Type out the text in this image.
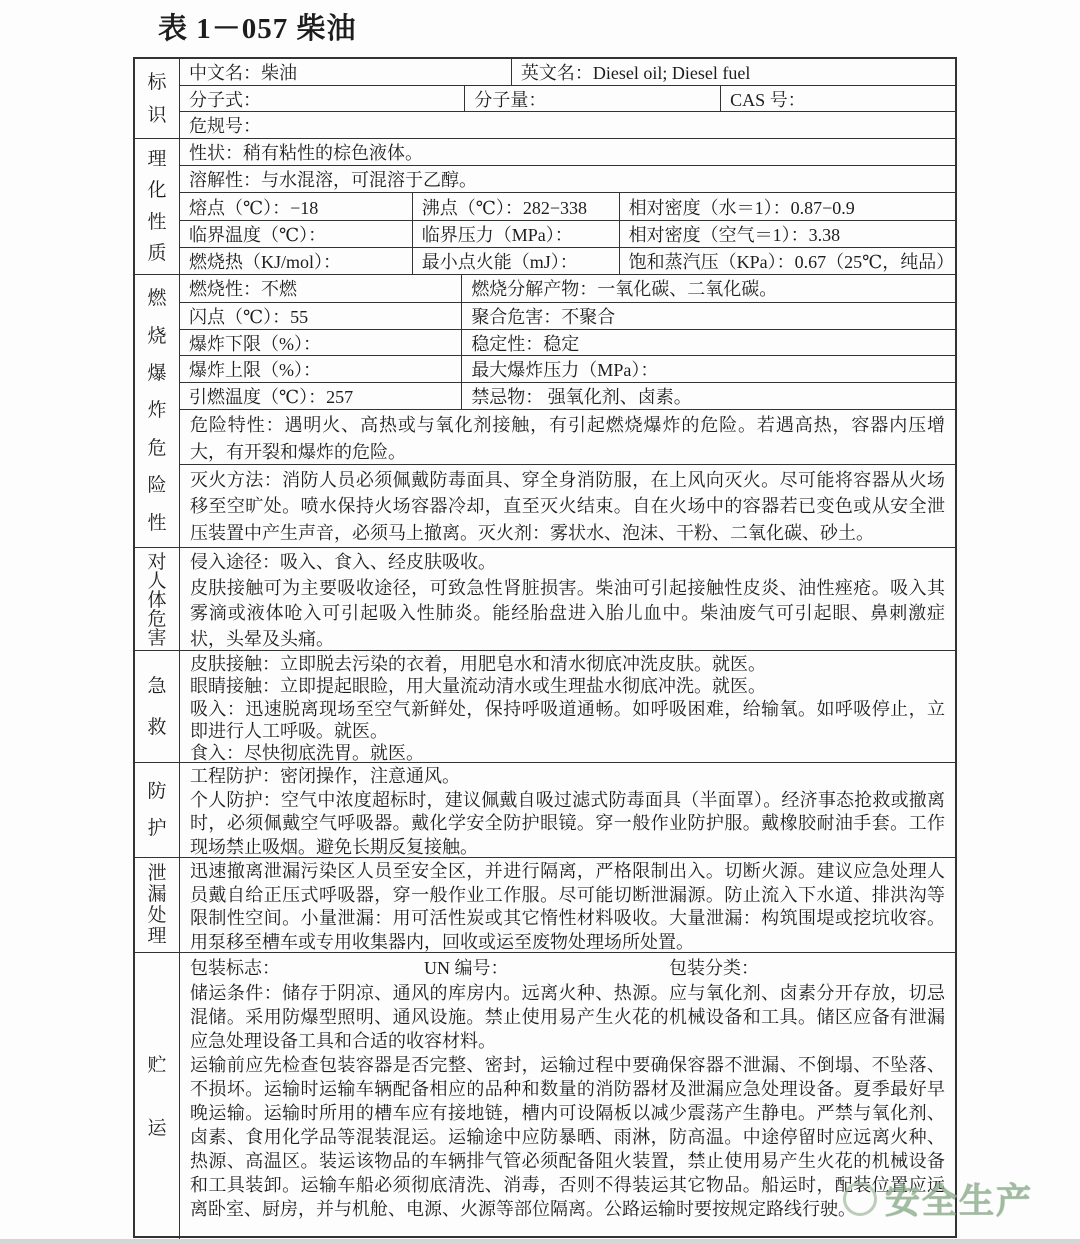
表 1－057 柴油
标
识
中文名：柴油	英文名：Diesel oil; Diesel fuel
分子式：	分子量：	CAS 号：
危规号：
理
化
性
质
性状：稍有粘性的棕色液体。
溶解性：与水混溶，可混溶于乙醇。
熔点（℃）：−18	沸点（℃）：282−338	相对密度（水＝1）：0.87−0.9
临界温度（℃）：	临界压力（MPa）：	相对密度（空气＝1）：3.38
燃烧热（KJ/mol）：	最小点火能（mJ）：	饱和蒸汽压（KPa）：0.67（25℃，纯品）
燃
烧
爆
炸
危
险
性
燃烧性：不燃	燃烧分解产物：一氧化碳、二氧化碳。
闪点（℃）：55	聚合危害：不聚合
爆炸下限（%）：	稳定性：稳定
爆炸上限（%）：	最大爆炸压力（MPa）：
引燃温度（℃）：257	禁忌物： 强氧化剂、卤素。

危险特性：遇明火、高热或与氧化剂接触，有引起燃烧爆炸的危险。若遇高热，容器内压增大，有开裂和爆炸的危险。

灭火方法：消防人员必须佩戴防毒面具、穿全身消防服，在上风向灭火。尽可能将容器从火场移至空旷处。喷水保持火场容器冷却，直至灭火结束。自在火场中的容器若已变色或从安全泄压装置中产生声音，必须马上撤离。灭火剂：雾状水、泡沫、干粉、二氧化碳、砂土。

对
人
体
危
害

侵入途径：吸入、食入、经皮肤吸收。

皮肤接触可为主要吸收途径，可致急性肾脏损害。柴油可引起接触性皮炎、油性痤疮。吸入其雾滴或液体呛入可引起吸入性肺炎。能经胎盘进入胎儿血中。柴油废气可引起眼、鼻刺激症状，头晕及头痛。

急
救

皮肤接触：立即脱去污染的衣着，用肥皂水和清水彻底冲洗皮肤。就医。

眼睛接触：立即提起眼睑，用大量流动清水或生理盐水彻底冲洗。就医。

吸入：迅速脱离现场至空气新鲜处，保持呼吸道通畅。如呼吸困难，给输氧。如呼吸停止，立即进行人工呼吸。就医。

食入：尽快彻底洗胃。就医。

防
护

工程防护：密闭操作，注意通风。

个人防护：空气中浓度超标时，建议佩戴自吸过滤式防毒面具（半面罩）。经济事态抢救或撤离时，必须佩戴空气呼吸器。戴化学安全防护眼镜。穿一般作业防护服。戴橡胶耐油手套。工作现场禁止吸烟。避免长期反复接触。

泄
漏
处
理

迅速撤离泄漏污染区人员至安全区，并进行隔离，严格限制出入。切断火源。建议应急处理人员戴自给正压式呼吸器，穿一般作业工作服。尽可能切断泄漏源。防止流入下水道、排洪沟等限制性空间。小量泄漏：用可活性炭或其它惰性材料吸收。大量泄漏：构筑围堤或挖坑收容。用泵移至槽车或专用收集器内，回收或运至废物处理场所处置。

贮
运
包装标志：	UN 编号：	包装分类：

储运条件：储存于阴凉、通风的库房内。远离火种、热源。应与氧化剂、卤素分开存放，切忌混储。采用防爆型照明、通风设施。禁止使用易产生火花的机械设备和工具。储区应备有泄漏应急处理设备工具和合适的收容材料。

运输前应先检查包装容器是否完整、密封，运输过程中要确保容器不泄漏、不倒塌、不坠落、不损坏。运输时运输车辆配备相应的品种和数量的消防器材及泄漏应急处理设备。夏季最好早晚运输。运输时所用的槽车应有接地链，槽内可设隔板以减少震荡产生静电。严禁与氧化剂、卤素、食用化学品等混装混运。运输途中应防暴晒、雨淋，防高温。中途停留时应远离火种、热源、高温区。装运该物品的车辆排气管必须配备阻火装置，禁止使用易产生火花的机械设备和工具装卸。运输车船必须彻底清洗、消毒，否则不得装运其它物品。船运时，配装位置应远离卧室、厨房，并与机舱、电源、火源等部位隔离。公路运输时要按规定路线行驶。 安全生产
